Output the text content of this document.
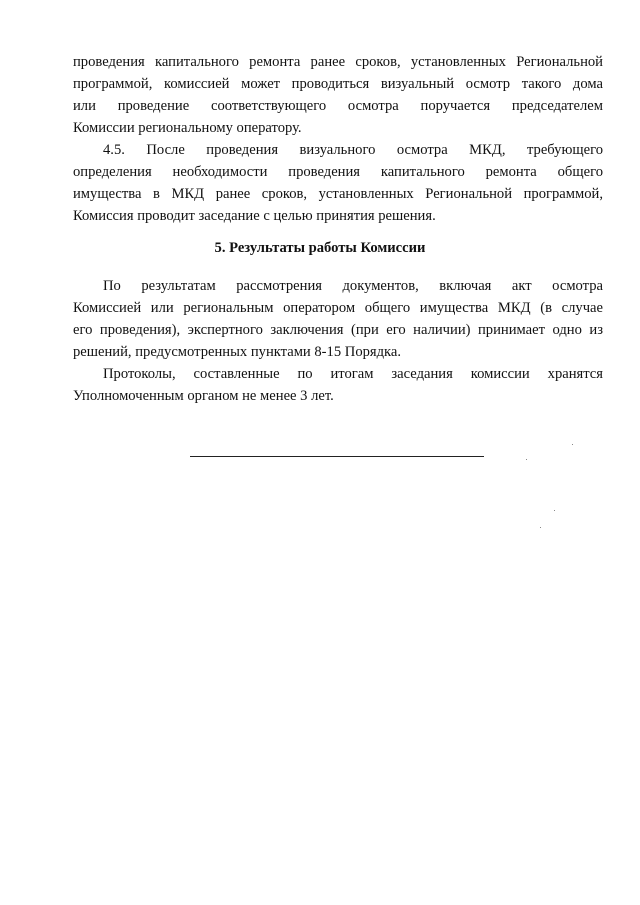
проведения капитального ремонта ранее сроков, установленных Региональной
программой, комиссией может проводиться визуальный осмотр такого дома
или проведение соответствующего осмотра поручается председателем
Комиссии региональному оператору.
4.5. После проведения визуального осмотра МКД, требующего
определения необходимости проведения капитального ремонта общего
имущества в МКД ранее сроков, установленных Региональной программой,
Комиссия проводит заседание с целью принятия решения.
5. Результаты работы Комиссии
По результатам рассмотрения документов, включая акт осмотра
Комиссией или региональным оператором общего имущества МКД (в случае
его проведения), экспертного заключения (при его наличии) принимает одно из
решений, предусмотренных пунктами 8-15 Порядка.
Протоколы, составленные по итогам заседания комиссии хранятся
Уполномоченным органом не менее 3 лет.
